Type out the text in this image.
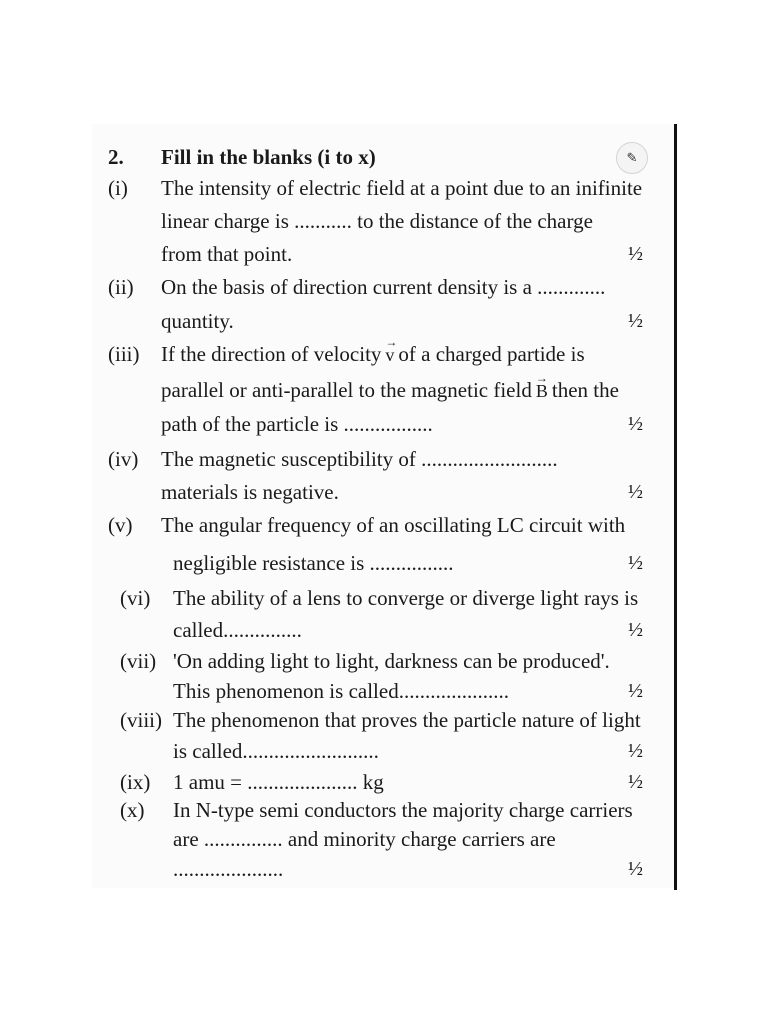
✎
2. Fill in the blanks (i to x)
(i) The intensity of electric field at a point due to an inifinite
linear charge is ........... to the distance of the charge
from that point.	½
(ii) On the basis of direction current density is a .............
quantity.	½
(iii) If the direction of velocity →
v of a charged partide is
parallel or anti-parallel to the magnetic field →
B then the
path of the particle is .................	½
(iv) The magnetic susceptibility of ..........................
materials is negative.	½
(v) The angular frequency of an oscillating LC circuit with
negligible resistance is ................	½
(vi) The ability of a lens to converge or diverge light rays is
called...............	½
(vii) 'On adding light to light, darkness can be produced'.
This phenomenon is called.....................	½
(viii) The phenomenon that proves the particle nature of light
is called..........................	½
(ix) 1 amu = ..................... kg	½
(x) In N-type semi conductors the majority charge carriers
are ............... and minority charge carriers are
.....................	½
